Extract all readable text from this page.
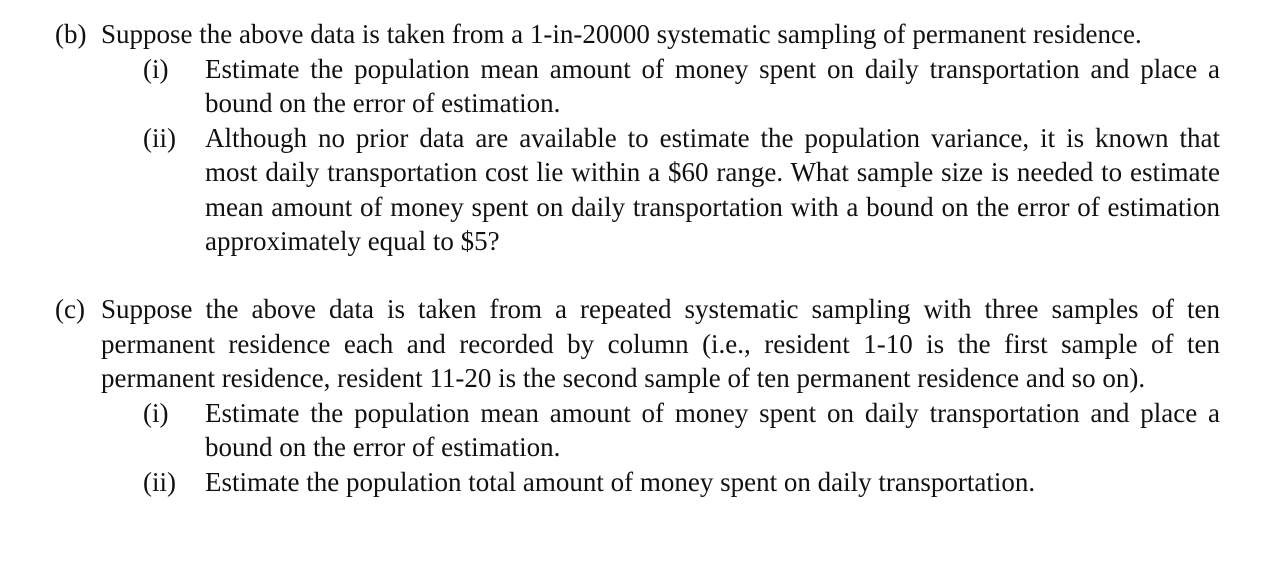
(b) Suppose the above data is taken from a 1-in-20000 systematic sampling of permanent residence.
(i)	Estimate the population mean amount of money spent on daily transportation and place a bound on the error of estimation.
(ii)	Although no prior data are available to estimate the population variance, it is known that most daily transportation cost lie within a $60 range. What sample size is needed to estimate mean amount of money spent on daily transportation with a bound on the error of estimation approximately equal to $5?
(c) Suppose the above data is taken from a repeated systematic sampling with three samples of ten permanent residence each and recorded by column (i.e., resident 1-10 is the first sample of ten permanent residence, resident 11-20 is the second sample of ten permanent residence and so on).
(i)	Estimate the population mean amount of money spent on daily transportation and place a bound on the error of estimation.
(ii)	Estimate the population total amount of money spent on daily transportation.
